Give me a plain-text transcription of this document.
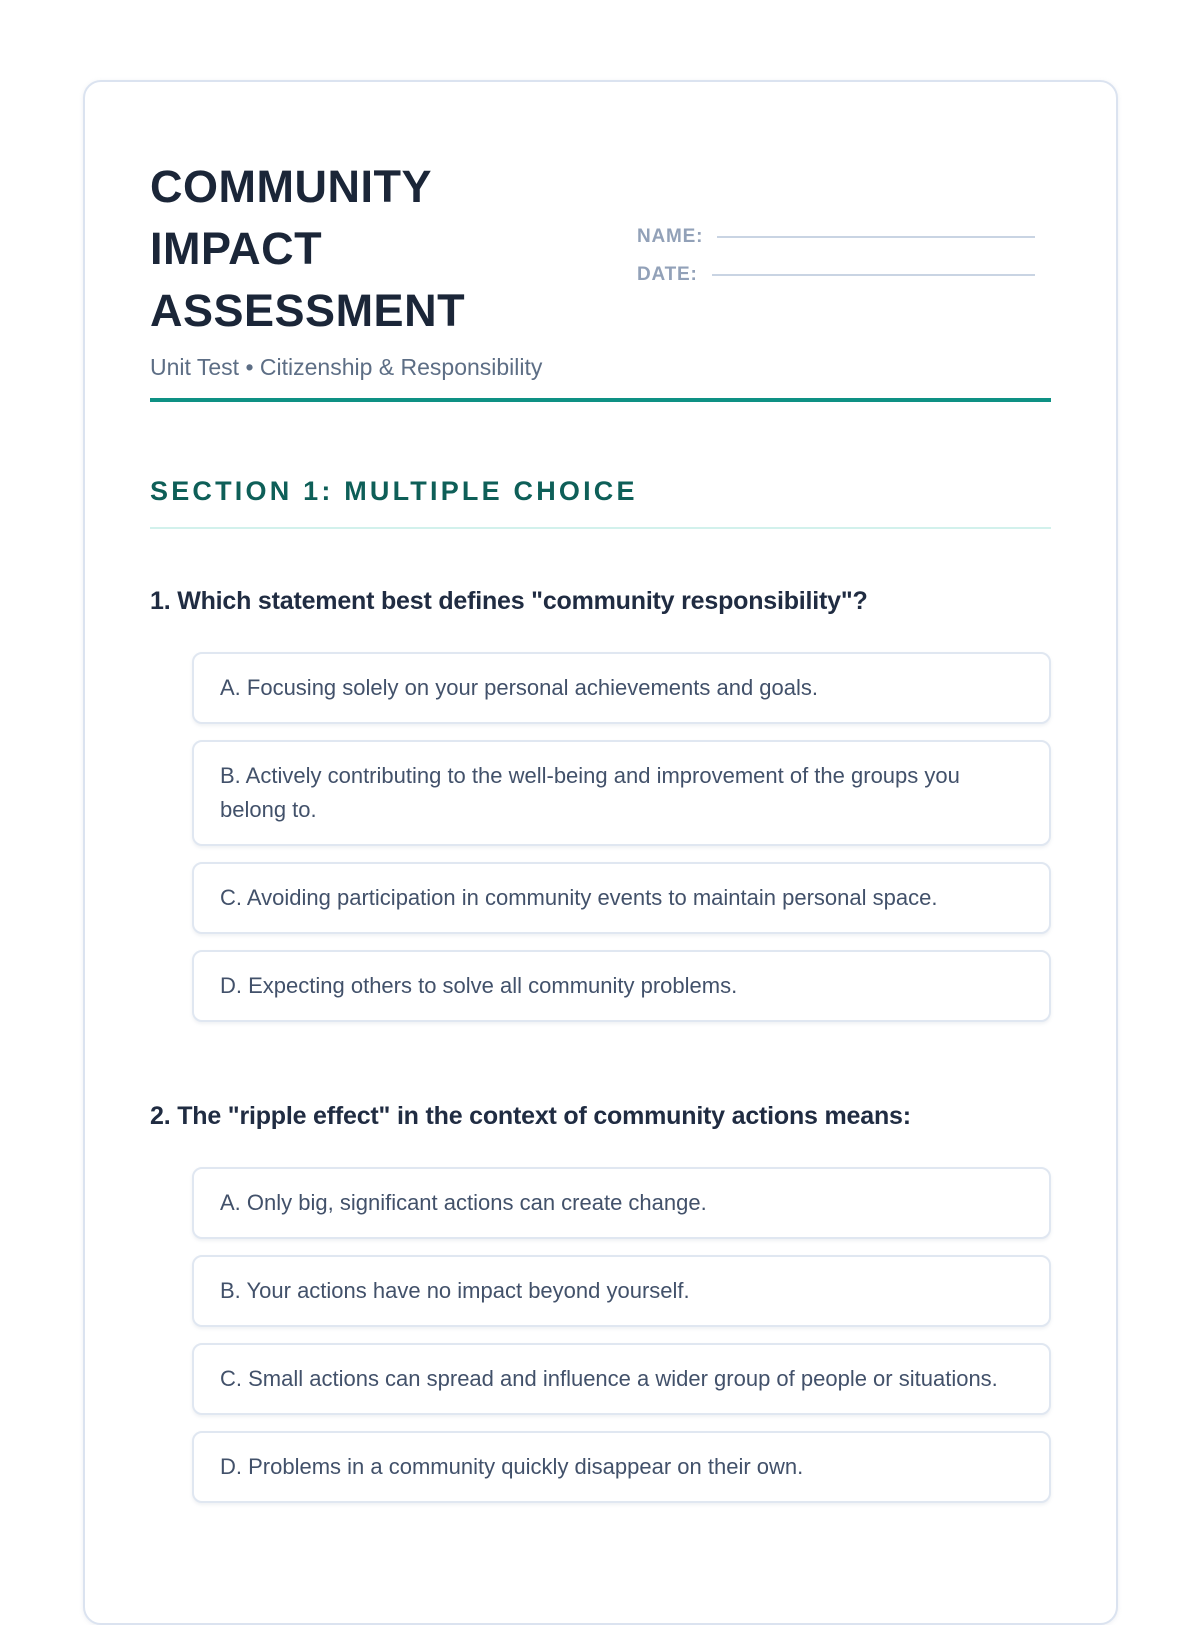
COMMUNITY IMPACT ASSESSMENT

Unit Test • Citizenship & Responsibility

NAME:
DATE:
SECTION 1: MULTIPLE CHOICE
1. Which statement best defines "community responsibility"?
A. Focusing solely on your personal achievements and goals.
B. Actively contributing to the well-being and improvement of the groups you belong to.
C. Avoiding participation in community events to maintain personal space.
D. Expecting others to solve all community problems.
2. The "ripple effect" in the context of community actions means:
A. Only big, significant actions can create change.
B. Your actions have no impact beyond yourself.
C. Small actions can spread and influence a wider group of people or situations.
D. Problems in a community quickly disappear on their own.
